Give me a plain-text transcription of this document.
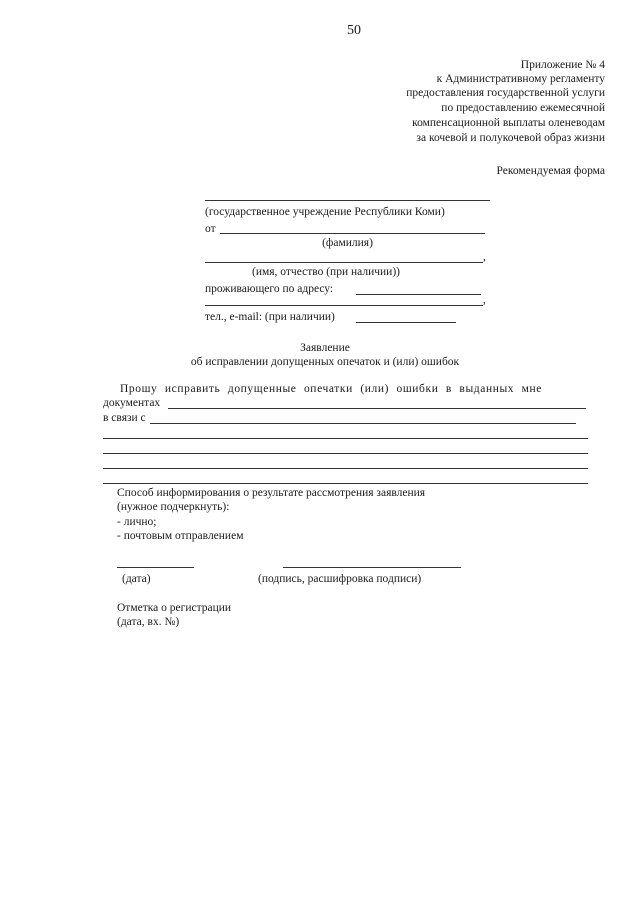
50
Приложение № 4
к Административному регламенту
предоставления государственной услуги
по предоставлению ежемесячной
компенсационной выплаты оленеводам
за кочевой и полукочевой образ жизни
Рекомендуемая форма
(государственное учреждение Республики Коми)
от
(фамилия)
,
(имя, отчество (при наличии))
проживающего по адресу:
,
тел., e-mail: (при наличии)
Заявление
об исправлении допущенных опечаток и (или) ошибок
Прошу исправить допущенные опечатки (или) ошибки в выданных мне
документах
в связи с
Способ информирования о результате рассмотрения заявления
(нужное подчеркнуть):
- лично;
- почтовым отправлением
(дата)	(подпись, расшифровка подписи)
Отметка о регистрации
(дата, вх. №)
